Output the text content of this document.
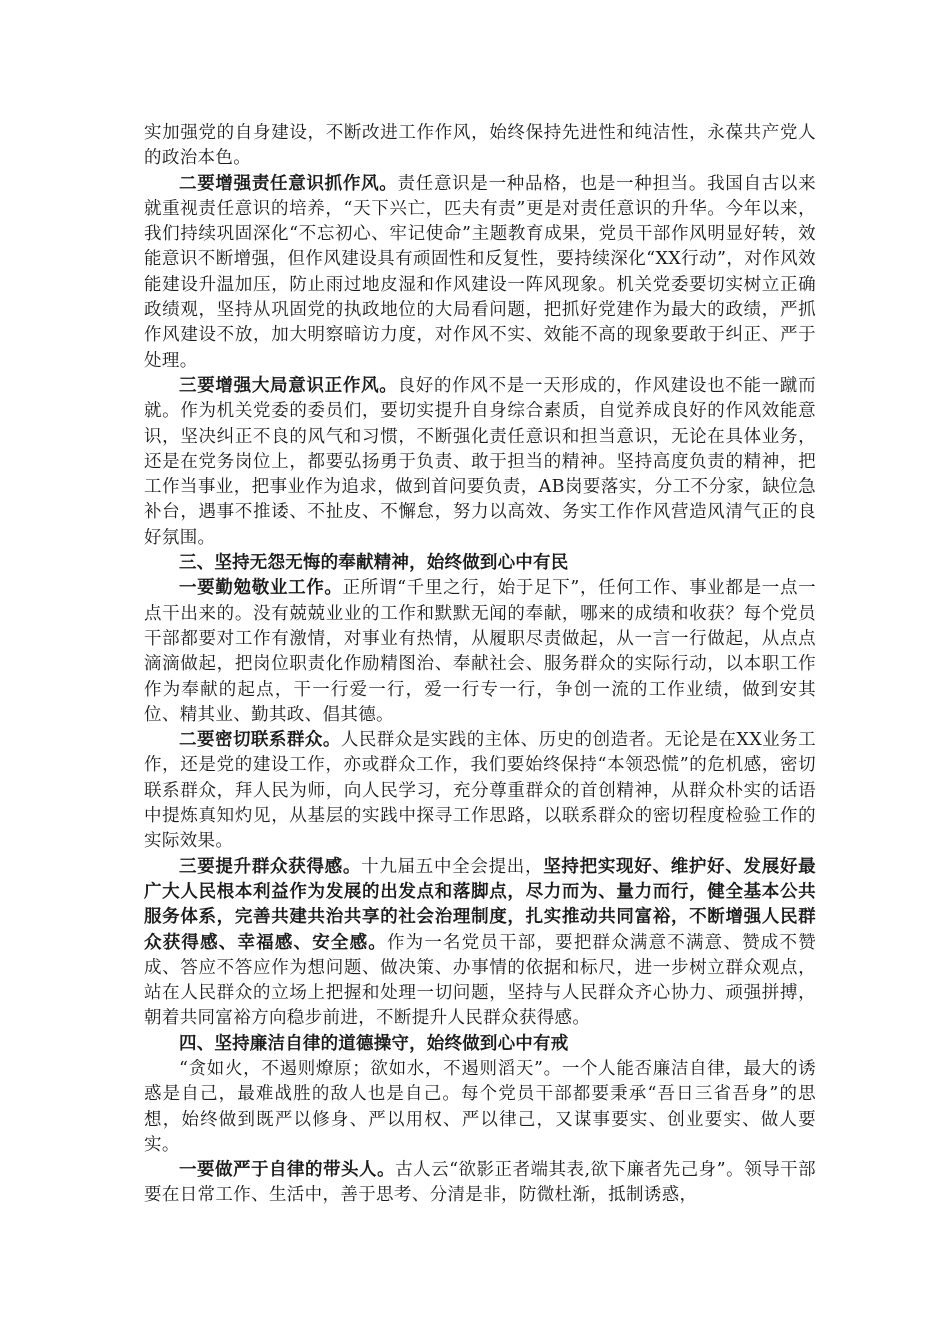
实加强党的自身建设，不断改进工作作风，始终保持先进性和纯洁性，永葆共产党人的政治本色。

二要增强责任意识抓作风。责任意识是一种品格，也是一种担当。我国自古以来就重视责任意识的培养，“天下兴亡，匹夫有责”更是对责任意识的升华。今年以来，我们持续巩固深化“不忘初心、牢记使命”主题教育成果，党员干部作风明显好转，效能意识不断增强，但作风建设具有顽固性和反复性，要持续深化“XX行动”，对作风效能建设升温加压，防止雨过地皮湿和作风建设一阵风现象。机关党委要切实树立正确政绩观，坚持从巩固党的执政地位的大局看问题，把抓好党建作为最大的政绩，严抓作风建设不放，加大明察暗访力度，对作风不实、效能不高的现象要敢于纠正、严于处理。

三要增强大局意识正作风。良好的作风不是一天形成的，作风建设也不能一蹴而就。作为机关党委的委员们，要切实提升自身综合素质，自觉养成良好的作风效能意识，坚决纠正不良的风气和习惯，不断强化责任意识和担当意识，无论在具体业务，还是在党务岗位上，都要弘扬勇于负责、敢于担当的精神。坚持高度负责的精神，把工作当事业，把事业作为追求，做到首问要负责，AB岗要落实，分工不分家，缺位急补台，遇事不推诿、不扯皮、不懈怠，努力以高效、务实工作作风营造风清气正的良好氛围。

三、坚持无怨无悔的奉献精神，始终做到心中有民

一要勤勉敬业工作。正所谓“千里之行，始于足下”，任何工作、事业都是一点一点干出来的。没有兢兢业业的工作和默默无闻的奉献，哪来的成绩和收获？每个党员干部都要对工作有激情，对事业有热情，从履职尽责做起，从一言一行做起，从点点滴滴做起，把岗位职责化作励精图治、奉献社会、服务群众的实际行动，以本职工作作为奉献的起点，干一行爱一行，爱一行专一行，争创一流的工作业绩，做到安其位、精其业、勤其政、倡其德。

二要密切联系群众。人民群众是实践的主体、历史的创造者。无论是在XX业务工作，还是党的建设工作，亦或群众工作，我们要始终保持“本领恐慌”的危机感，密切联系群众，拜人民为师，向人民学习，充分尊重群众的首创精神，从群众朴实的话语中提炼真知灼见，从基层的实践中探寻工作思路，以联系群众的密切程度检验工作的实际效果。

三要提升群众获得感。十九届五中全会提出，坚持把实现好、维护好、发展好最广大人民根本利益作为发展的出发点和落脚点，尽力而为、量力而行，健全基本公共服务体系，完善共建共治共享的社会治理制度，扎实推动共同富裕，不断增强人民群众获得感、幸福感、安全感。作为一名党员干部，要把群众满意不满意、赞成不赞成、答应不答应作为想问题、做决策、办事情的依据和标尺，进一步树立群众观点，站在人民群众的立场上把握和处理一切问题，坚持与人民群众齐心协力、顽强拼搏，朝着共同富裕方向稳步前进，不断提升人民群众获得感。

四、坚持廉洁自律的道德操守，始终做到心中有戒

“贪如火，不遏则燎原；欲如水，不遏则滔天”。一个人能否廉洁自律，最大的诱惑是自己，最难战胜的敌人也是自己。每个党员干部都要秉承“吾日三省吾身”的思想，始终做到既严以修身、严以用权、严以律己，又谋事要实、创业要实、做人要实。

一要做严于自律的带头人。古人云“欲影正者端其表,欲下廉者先己身”。领导干部要在日常工作、生活中，善于思考、分清是非，防微杜渐，抵制诱惑，
